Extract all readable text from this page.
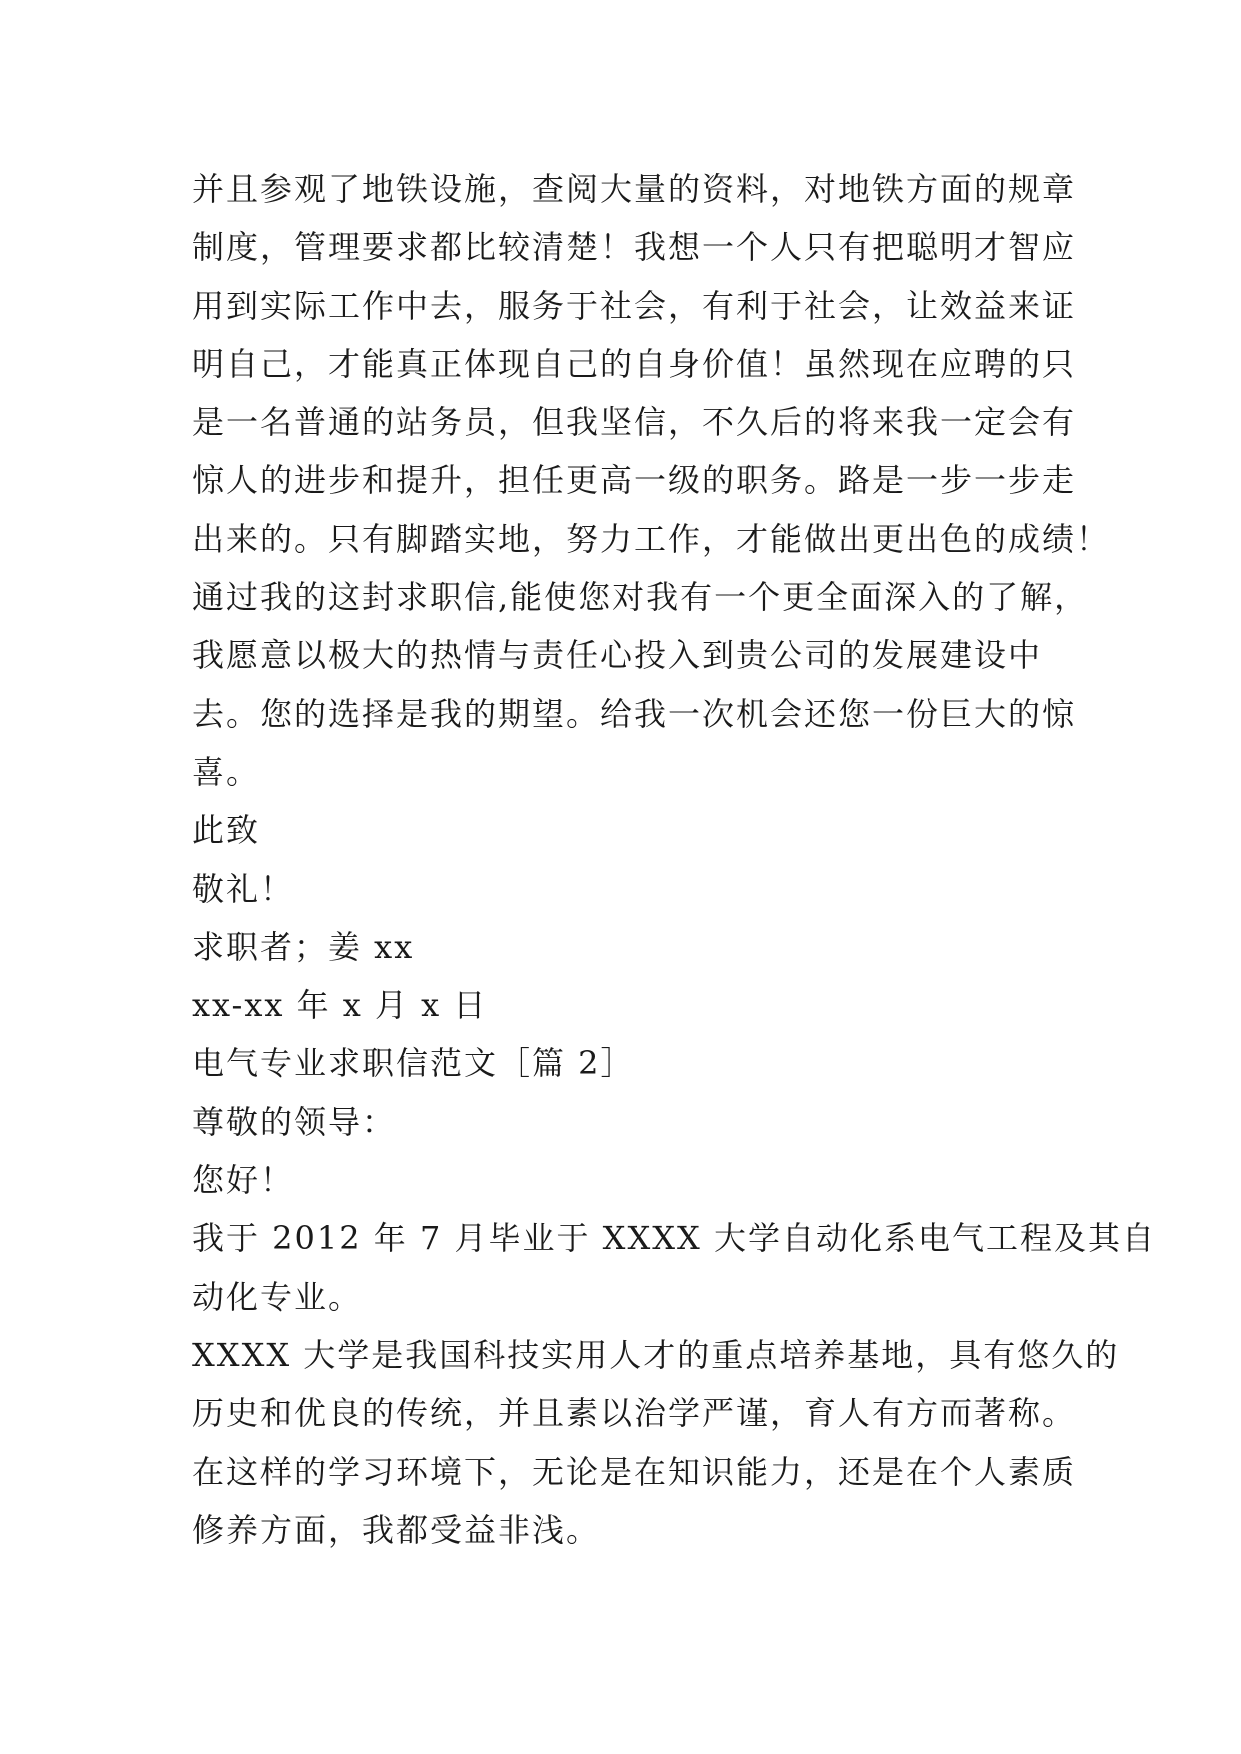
并且参观了地铁设施，查阅大量的资料，对地铁方面的规章
制度，管理要求都比较清楚！我想一个人只有把聪明才智应
用到实际工作中去，服务于社会，有利于社会，让效益来证
明自己，才能真正体现自己的自身价值！虽然现在应聘的只
是一名普通的站务员，但我坚信，不久后的将来我一定会有
惊人的进步和提升，担任更高一级的职务。路是一步一步走
出来的。只有脚踏实地，努力工作，才能做出更出色的成绩！
通过我的这封求职信,能使您对我有一个更全面深入的了解，
我愿意以极大的热情与责任心投入到贵公司的发展建设中
去。您的选择是我的期望。给我一次机会还您一份巨大的惊
喜。
此致
敬礼！
求职者；姜 xx
xx-xx 年 x 月 x 日
电气专业求职信范文［篇 2］
尊敬的领导：
您好！
我于 2012 年 7 月毕业于 XXXX 大学自动化系电气工程及其自
动化专业。
XXXX 大学是我国科技实用人才的重点培养基地，具有悠久的
历史和优良的传统，并且素以治学严谨，育人有方而著称。
在这样的学习环境下，无论是在知识能力，还是在个人素质
修养方面，我都受益非浅。
